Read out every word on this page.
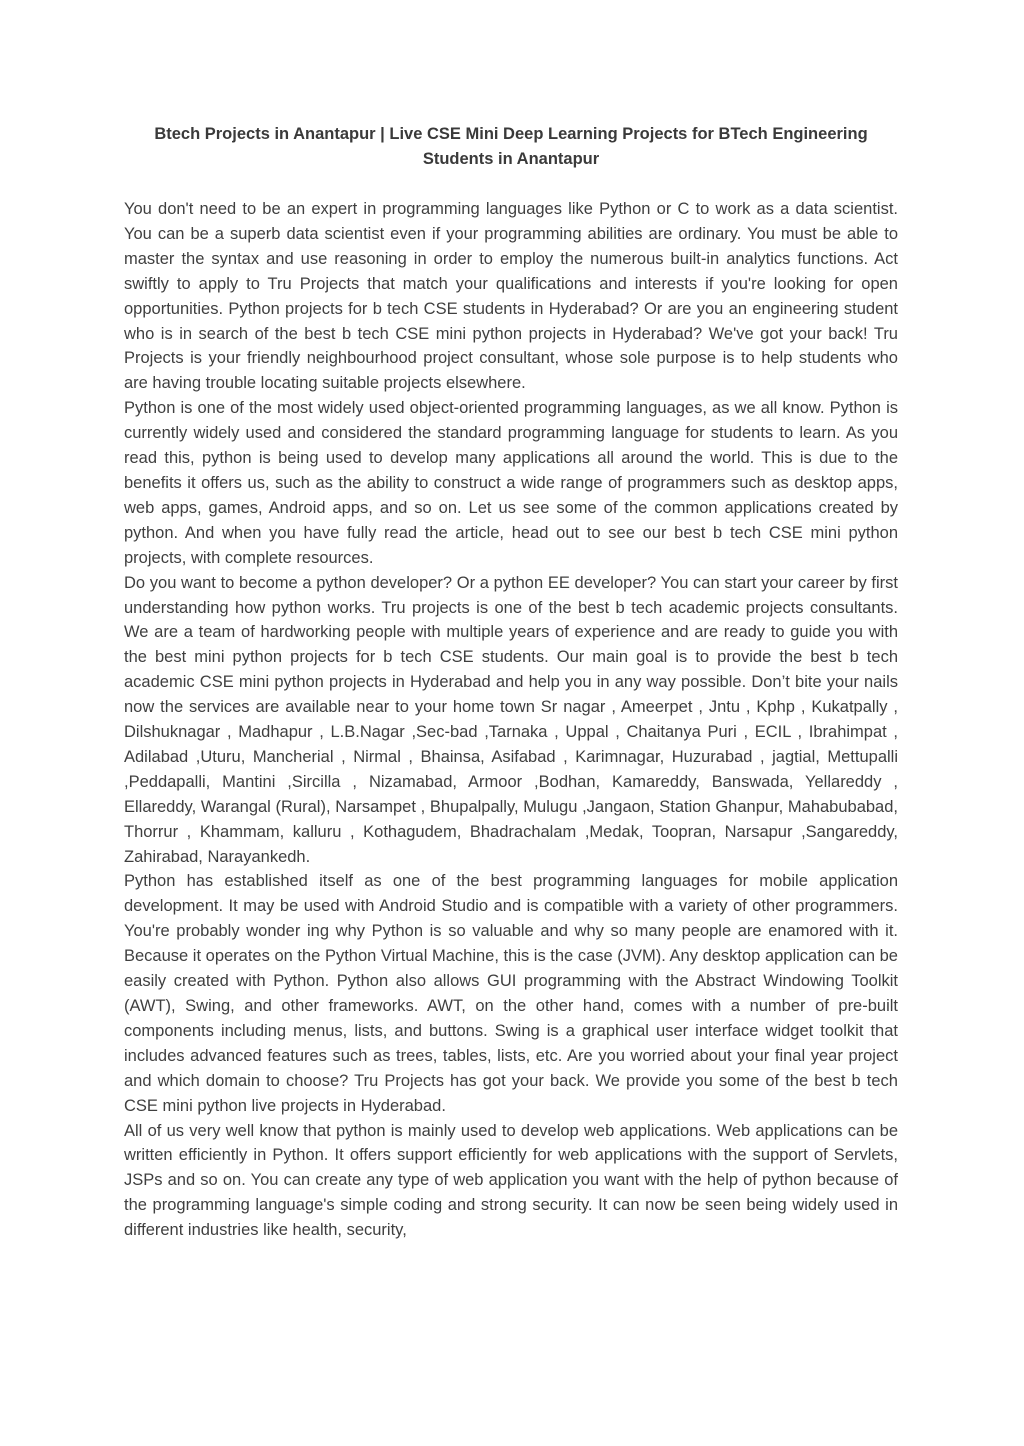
Btech Projects in Anantapur | Live CSE Mini Deep Learning Projects for BTech Engineering Students in Anantapur

You don't need to be an expert in programming languages like Python or C to work as a data scientist. You can be a superb data scientist even if your programming abilities are ordinary. You must be able to master the syntax and use reasoning in order to employ the numerous built-in analytics functions. Act swiftly to apply to Tru Projects that match your qualifications and interests if you're looking for open opportunities. Python projects for b tech CSE students in Hyderabad? Or are you an engineering student who is in search of the best b tech CSE mini python projects in Hyderabad? We've got your back! Tru Projects is your friendly neighbourhood project consultant, whose sole purpose is to help students who are having trouble locating suitable projects elsewhere.

Python is one of the most widely used object-oriented programming languages, as we all know. Python is currently widely used and considered the standard programming language for students to learn. As you read this, python is being used to develop many applications all around the world. This is due to the benefits it offers us, such as the ability to construct a wide range of programmers such as desktop apps, web apps, games, Android apps, and so on. Let us see some of the common applications created by python. And when you have fully read the article, head out to see our best b tech CSE mini python projects, with complete resources.

Do you want to become a python developer? Or a python EE developer? You can start your career by first understanding how python works. Tru projects is one of the best b tech academic projects consultants. We are a team of hardworking people with multiple years of experience and are ready to guide you with the best mini python projects for b tech CSE students. Our main goal is to provide the best b tech academic CSE mini python projects in Hyderabad and help you in any way possible. Don’t bite your nails now the services are available near to your home town Sr nagar , Ameerpet , Jntu , Kphp , Kukatpally , Dilshuknagar , Madhapur , L.B.Nagar ,Sec-bad ,Tarnaka , Uppal , Chaitanya Puri , ECIL , Ibrahimpat , Adilabad ,Uturu, Mancherial , Nirmal , Bhainsa, Asifabad , Karimnagar, Huzurabad , jagtial, Mettupalli ,Peddapalli, Mantini ,Sircilla , Nizamabad, Armoor ,Bodhan, Kamareddy, Banswada, Yellareddy , Ellareddy, Warangal (Rural), Narsampet , Bhupalpally, Mulugu ,Jangaon, Station Ghanpur, Mahabubabad, Thorrur , Khammam, kalluru , Kothagudem, Bhadrachalam ,Medak, Toopran, Narsapur ,Sangareddy, Zahirabad, Narayankedh.

Python has established itself as one of the best programming languages for mobile application development. It may be used with Android Studio and is compatible with a variety of other programmers. You're probably wonder ing why Python is so valuable and why so many people are enamored with it. Because it operates on the Python Virtual Machine, this is the case (JVM). Any desktop application can be easily created with Python. Python also allows GUI programming with the Abstract Windowing Toolkit (AWT), Swing, and other frameworks. AWT, on the other hand, comes with a number of pre-built components including menus, lists, and buttons. Swing is a graphical user interface widget toolkit that includes advanced features such as trees, tables, lists, etc. Are you worried about your final year project and which domain to choose? Tru Projects has got your back. We provide you some of the best b tech CSE mini python live projects in Hyderabad.

All of us very well know that python is mainly used to develop web applications. Web applications can be written efficiently in Python. It offers support efficiently for web applications with the support of Servlets, JSPs and so on. You can create any type of web application you want with the help of python because of the programming language's simple coding and strong security. It can now be seen being widely used in different industries like health, security,
